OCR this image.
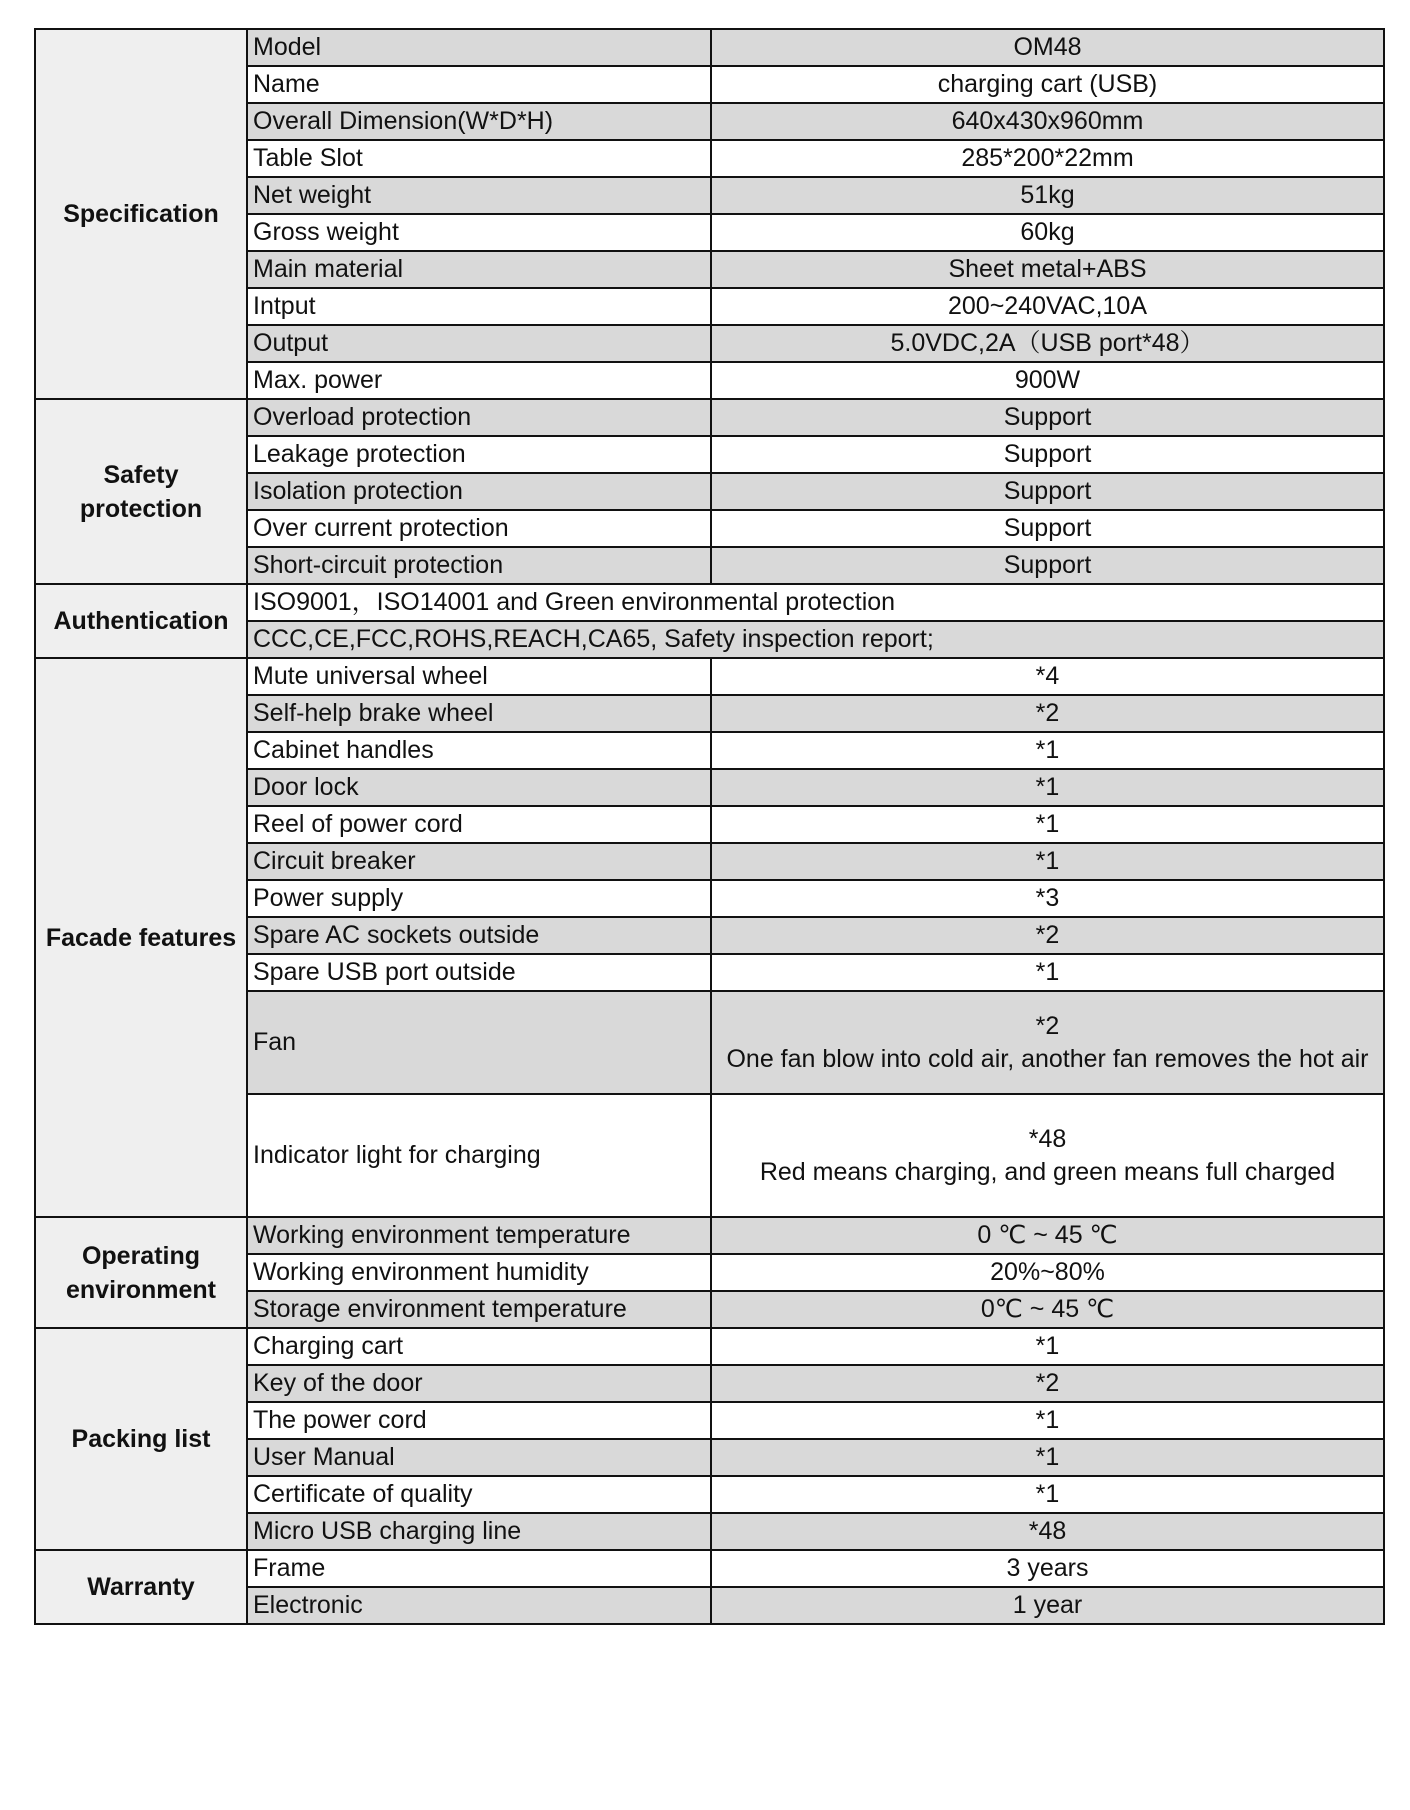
Specification	Model	OM48
	Name	charging cart (USB)
	Overall Dimension(W*D*H)	640x430x960mm
	Table Slot	285*200*22mm
	Net weight	51kg
	Gross weight	60kg
	Main material	Sheet metal+ABS
	Intput	200~240VAC,10A
	Output	5.0VDC,2A（USB port*48）
	Max. power	900W
Safety protection	Overload protection	Support
	Leakage protection	Support
	Isolation protection	Support
	Over current protection	Support
	Short-circuit protection	Support
Authentication	ISO9001，ISO14001 and Green environmental protection	
	CCC,CE,FCC,ROHS,REACH,CA65, Safety inspection report;	
Facade features	Mute universal wheel	*4
	Self-help brake wheel	*2
	Cabinet handles	*1
	Door lock	*1
	Reel of power cord	*1
	Circuit breaker	*1
	Power supply	*3
	Spare AC sockets outside	*2
	Spare USB port outside	*1
	Fan	*2
One fan blow into cold air, another fan removes the hot air

	Indicator light for charging	*48
Red means charging, and green means full charged

Operating environment	Working environment temperature	0 ℃ ~ 45 ℃
	Working environment humidity	20%~80%
	Storage environment temperature	0℃ ~ 45 ℃
Packing list	Charging cart	*1
	Key of the door	*2
	The power cord	*1
	User Manual	*1
	Certificate of quality	*1
	Micro USB charging line	*48
Warranty	Frame	3 years
	Electronic	1 year
